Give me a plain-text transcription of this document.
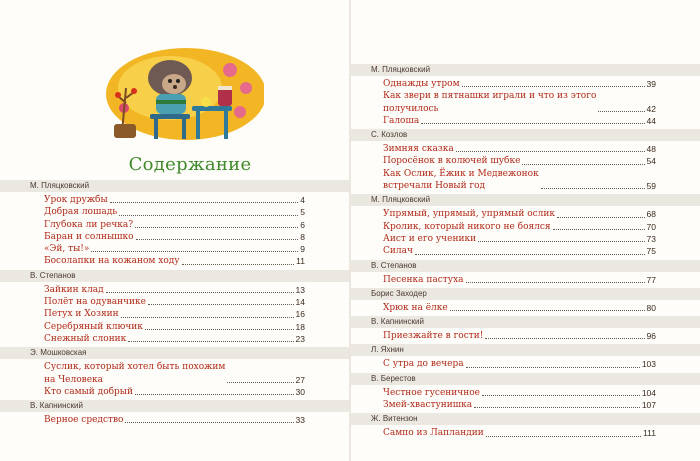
Содержание
М. Пляцковский
Урок дружбы	4
Добрая лошадь	5
Глубока ли речка?	6
Баран и солнышко	8
«Эй, ты!»	9
Босолапки на кожаном ходу	11
В. Степанов
Зайкин клад	13
Полёт на одуванчике	14
Петух и Хозяин	16
Серебряный ключик	18
Снежный слоник	23
Э. Мошковская
Суслик, который хотел быть похожим
на Человека	27
Кто самый добрый	30
В. Капнинский
Верное средство	33
М. Пляцковский
Однажды утром	39
Как звери в пятнашки играли и что из этого
получилось	42
Галоша	44
С. Козлов
Зимняя сказка	48
Поросёнок в колючей шубке	54
Как Ослик, Ёжик и Медвежонок
встречали Новый год	59
М. Пляцковский
Упрямый, упрямый, упрямый ослик	68
Кролик, который никого не боялся	70
Аист и его ученики	73
Силач	75
В. Степанов
Песенка пастуха	77
Борис Заходер
Хрюк на ёлке	80
В. Капнинский
Приезжайте в гости!	96
Л. Яхнин
С утра до вечера	103
В. Берестов
Честное гусеничное	104
Змей-хвастунишка	107
Ж. Витензон
Сампо из Лапландии	111
